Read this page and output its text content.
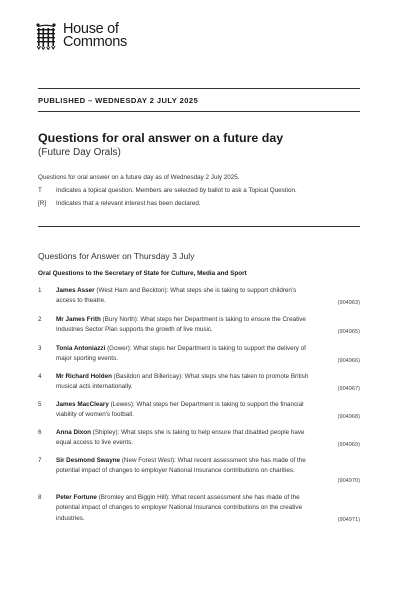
House of
Commons
PUBLISHED – WEDNESDAY 2 JULY 2025
Questions for oral answer on a future day
(Future Day Orals)
Questions for oral answer on a future day as of Wednesday 2 July 2025.
T	Indicates a topical question. Members are selected by ballot to ask a Topical Question.
[R]	Indicates that a relevant interest has been declared.
Questions for Answer on Thursday 3 July
Oral Questions to the Secretary of State for Culture, Media and Sport
1	James Asser (West Ham and Beckton): What steps she is taking to support children's
access to theatre.	(904963)
2	Mr James Frith (Bury North): What steps her Department is taking to ensure the Creative
Industries Sector Plan supports the growth of live music.	(904965)
3	Tonia Antoniazzi (Gower): What steps her Department is taking to support the delivery of
major sporting events.	(904966)
4	Mr Richard Holden (Basildon and Billericay): What steps she has taken to promote British
musical acts internationally.	(904967)
5	James MacCleary (Lewes): What steps her Department is taking to support the financial
viability of women's football.	(904968)
6	Anna Dixon (Shipley): What steps she is taking to help ensure that disabled people have
equal access to live events.	(904969)
7	Sir Desmond Swayne (New Forest West): What recent assessment she has made of the
potential impact of changes to employer National Insurance contributions on charities.
(904970)
8	Peter Fortune (Bromley and Biggin Hill): What recent assessment she has made of the
potential impact of changes to employer National Insurance contributions on the creative
industries.	(904971)
